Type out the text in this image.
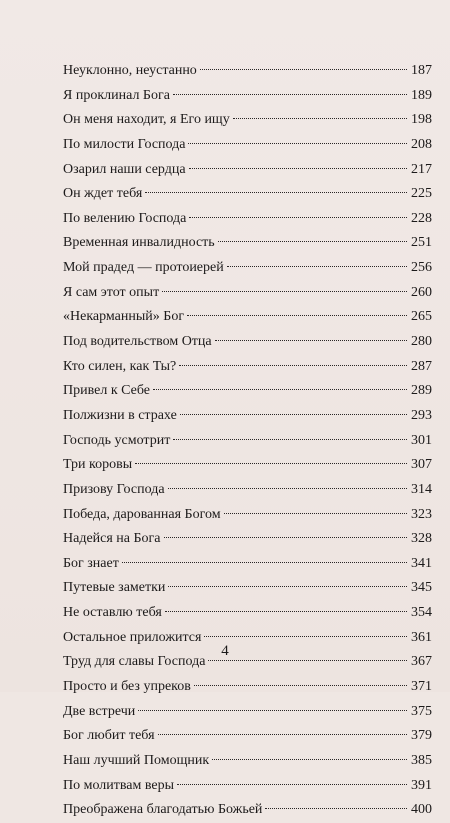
Неуклонно, неустанно	187
Я проклинал Бога	189
Он меня находит, я Его ищу	198
По милости Господа	208
Озарил наши сердца	217
Он ждет тебя	225
По велению Господа	228
Временная инвалидность	251
Мой прадед — протоиерей	256
Я сам этот опыт	260
«Некарманный» Бог	265
Под водительством Отца	280
Кто силен, как Ты?	287
Привел к Себе	289
Полжизни в страхе	293
Господь усмотрит	301
Три коровы	307
Призову Господа	314
Победа, дарованная Богом	323
Надейся на Бога	328
Бог знает	341
Путевые заметки	345
Не оставлю тебя	354
Остальное приложится	361
Труд для славы Господа	367
Просто и без упреков	371
Две встречи	375
Бог любит тебя	379
Наш лучший Помощник	385
По молитвам веры	391
Преображена благодатью Божьей	400
4
